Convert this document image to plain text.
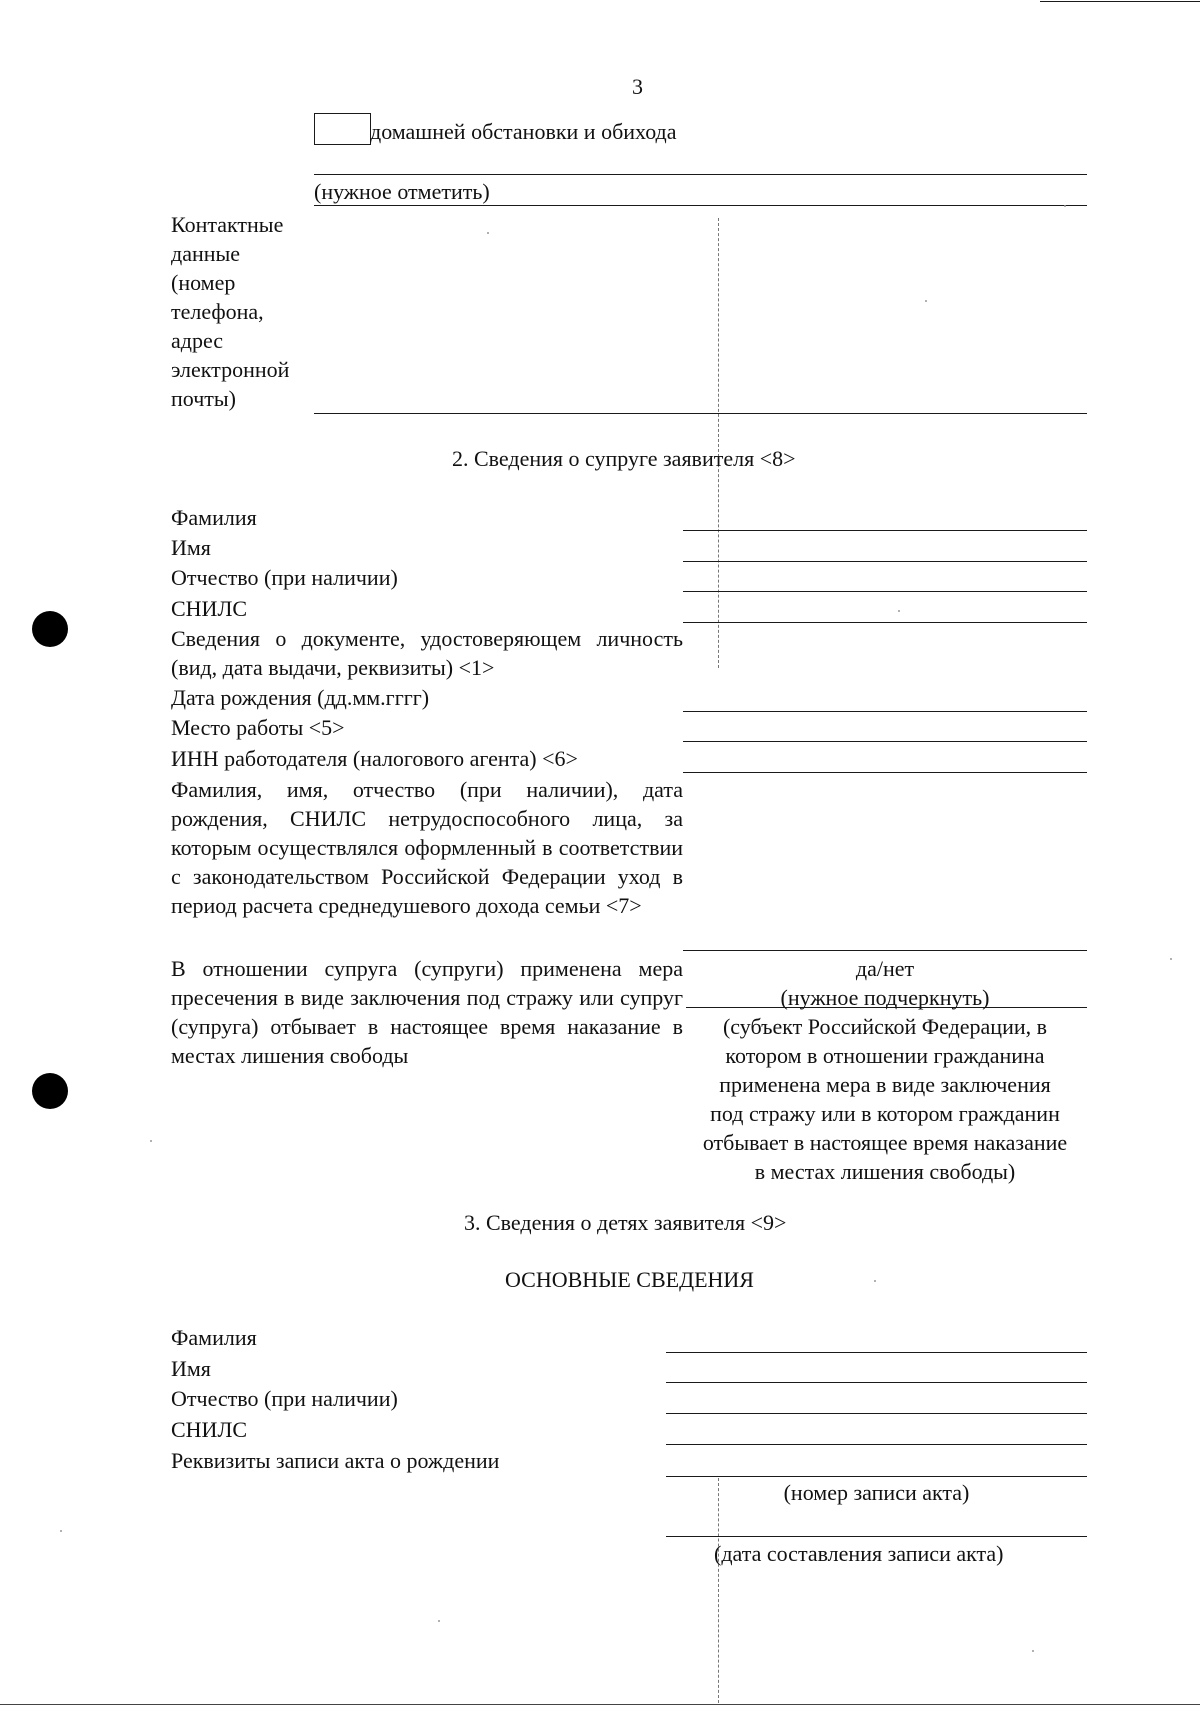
3
домашней обстановки и обихода
(нужное отметить)
Контактные
данные
(номер
телефона,
адрес
электронной
почты)
2. Сведения о супруге заявителя <8>
Фамилия
Имя
Отчество (при наличии)
СНИЛС
Сведения о документе, удостоверяющем личность (вид, дата выдачи, реквизиты) <1>
Дата рождения (дд.мм.гггг)
Место работы <5>
ИНН работодателя (налогового агента) <6>
Фамилия, имя, отчество (при наличии), дата рождения, СНИЛС нетрудоспособного лица, за которым осуществлялся оформленный в соответствии с законодательством Российской Федерации уход в период расчета среднедушевого дохода семьи <7>
В отношении супруга (супруги) применена мера пресечения в виде заключения под стражу или супруг (супруга) отбывает в настоящее время наказание в местах лишения свободы
да/нет
(нужное подчеркнуть)
(субъект Российской Федерации, в
котором в отношении гражданина
применена мера в виде заключения
под стражу или в котором гражданин
отбывает в настоящее время наказание
в местах лишения свободы)
3. Сведения о детях заявителя <9>
ОСНОВНЫЕ СВЕДЕНИЯ
Фамилия
Имя
Отчество (при наличии)
СНИЛС
Реквизиты записи акта о рождении
(номер записи акта)
(дата составления записи акта)
